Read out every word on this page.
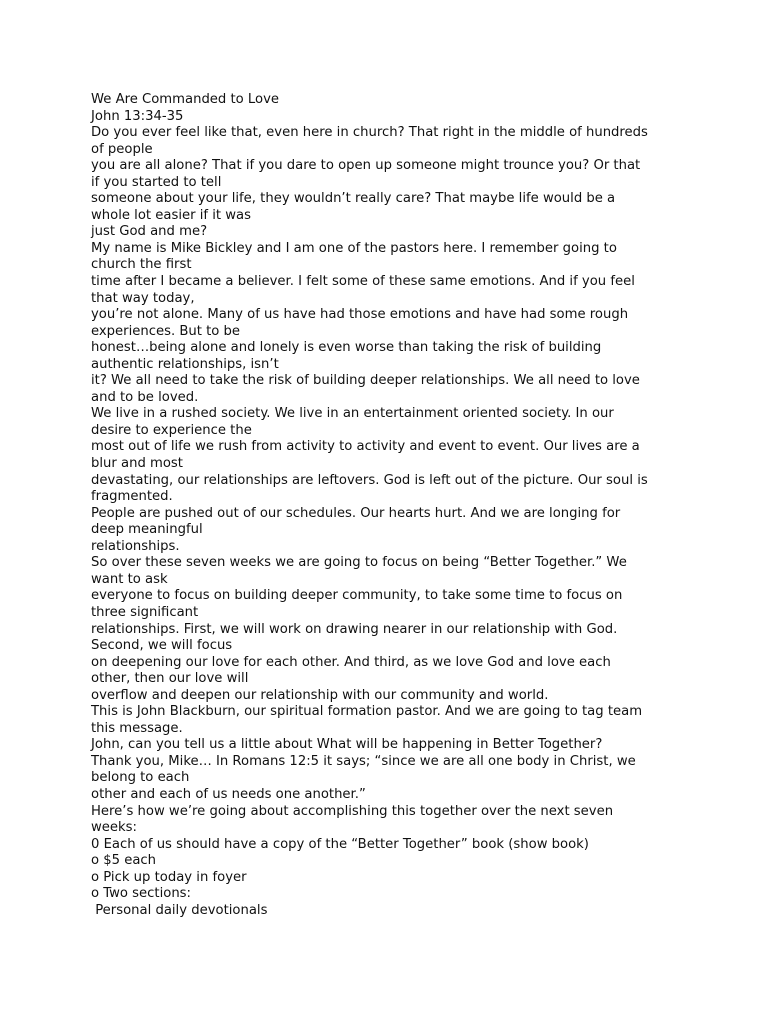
We Are Commanded to Love
John 13:34-35
Do you ever feel like that, even here in church? That right in the middle of hundreds
of people
you are all alone? That if you dare to open up someone might trounce you? Or that
if you started to tell
someone about your life, they wouldn’t really care? That maybe life would be a
whole lot easier if it was
just God and me?
My name is Mike Bickley and I am one of the pastors here. I remember going to
church the first
time after I became a believer. I felt some of these same emotions. And if you feel
that way today,
you’re not alone. Many of us have had those emotions and have had some rough
experiences. But to be
honest…being alone and lonely is even worse than taking the risk of building
authentic relationships, isn’t
it? We all need to take the risk of building deeper relationships. We all need to love
and to be loved.
We live in a rushed society. We live in an entertainment oriented society. In our
desire to experience the
most out of life we rush from activity to activity and event to event. Our lives are a
blur and most
devastating, our relationships are leftovers. God is left out of the picture. Our soul is
fragmented.
People are pushed out of our schedules. Our hearts hurt. And we are longing for
deep meaningful
relationships.
So over these seven weeks we are going to focus on being “Better Together.” We
want to ask
everyone to focus on building deeper community, to take some time to focus on
three significant
relationships. First, we will work on drawing nearer in our relationship with God.
Second, we will focus
on deepening our love for each other. And third, as we love God and love each
other, then our love will
overflow and deepen our relationship with our community and world.
This is John Blackburn, our spiritual formation pastor. And we are going to tag team
this message.
John, can you tell us a little about What will be happening in Better Together?
Thank you, Mike… In Romans 12:5 it says; “since we are all one body in Christ, we
belong to each
other and each of us needs one another.”
Here’s how we’re going about accomplishing this together over the next seven
weeks:
0 Each of us should have a copy of the “Better Together” book (show book)
o $5 each
o Pick up today in foyer
o Two sections:
Personal daily devotionals
